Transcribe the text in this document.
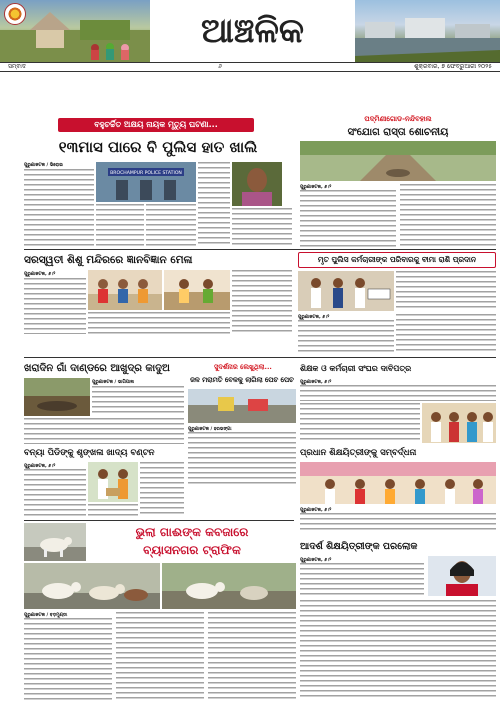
ଆଞ୍ଚଳିକ
ସମ୍ବାଦ	୬	ଶୁକ୍ରବାର, ୭ ଫେବ୍ରୁଆରୀ ୨୦୨୫
ବହୁଚର୍ଚ୍ଚିତ ଅକ୍ଷୟ ନାୟକ ମୃତ୍ୟୁ ଘଟଣା...
୧୩ମାସ ପାରେ ବି ପୁଲିସ ହାତ ଖାଲି
ପୁରୁଣାକଟକ / ଭିରୋଇ
BROCHAMPUR POLICE STATION
ପଦ୍ମିଣୀଗୋଡ-ନନ୍ଦିବହାଲ
ସଂଯୋଗ ରାସ୍ତା ଶୋଚନୀୟ
ପୁରୁଣାକଟକ, ୬।୨
ସରସ୍ୱତୀ ଶିଶୁ ମନ୍ଦିରରେ ଜ୍ଞାନବିଜ୍ଞାନ ମେଳା
ପୁରୁଣାକଟକ, ୬।୨
ମୃତ ପୁଲିସ କର୍ମଚାରୀଙ୍କ ପରିବାରକୁ ବୀମା ରାଶି ପ୍ରଦାନ
ପୁରୁଣାକଟକ, ୬।୨
ଖରାଦିନ ଗାଁ ଦାଣ୍ଡରେ ଆଖୁଦ୍ର କାଦୁଅ
ପୁରୁଣାକଟକ / ଭାଗିପାଳା
ସୁଦର୍ଶନାର ଲେଖୁଥିଲା...
ଜଳ ମରାମତି ବେଳକୁ ଲାଗିଲା ପେଚ ପେଚ
ପୁରୁଣାକଟକ / ହରଭଙ୍ଗା
ଶିକ୍ଷକ ଓ କର୍ମଚାରୀ ସଂଘର ଦାବିପତ୍ର
ପୁରୁଣାକଟକ, ୬।୨
ବନ୍ୟା ପିଡିଙ୍କୁ ଶୃଙ୍ଖଳା ଖାଦ୍ୟ ବଣ୍ଟନ
ପୁରୁଣାକଟକ, ୬।୨
ପ୍ରଧାନ ଶିକ୍ଷୟିତ୍ରୀଙ୍କୁ ସମ୍ବର୍ଦ୍ଧନା
ପୁରୁଣାକଟକ, ୬।୨
ଭୁଲା ଗାଈଙ୍କ କବଜାରେ
ବ୍ୟାସନଗର ଟ୍ରାଫିକ
ପୁରୁଣାକଟକ / ବଡ଼ମୁଣ୍ଡା
ଆଦର୍ଶ ଶିକ୍ଷୟିତ୍ରୀଙ୍କ ପରଲୋକ
ପୁରୁଣାକଟକ, ୬।୨
